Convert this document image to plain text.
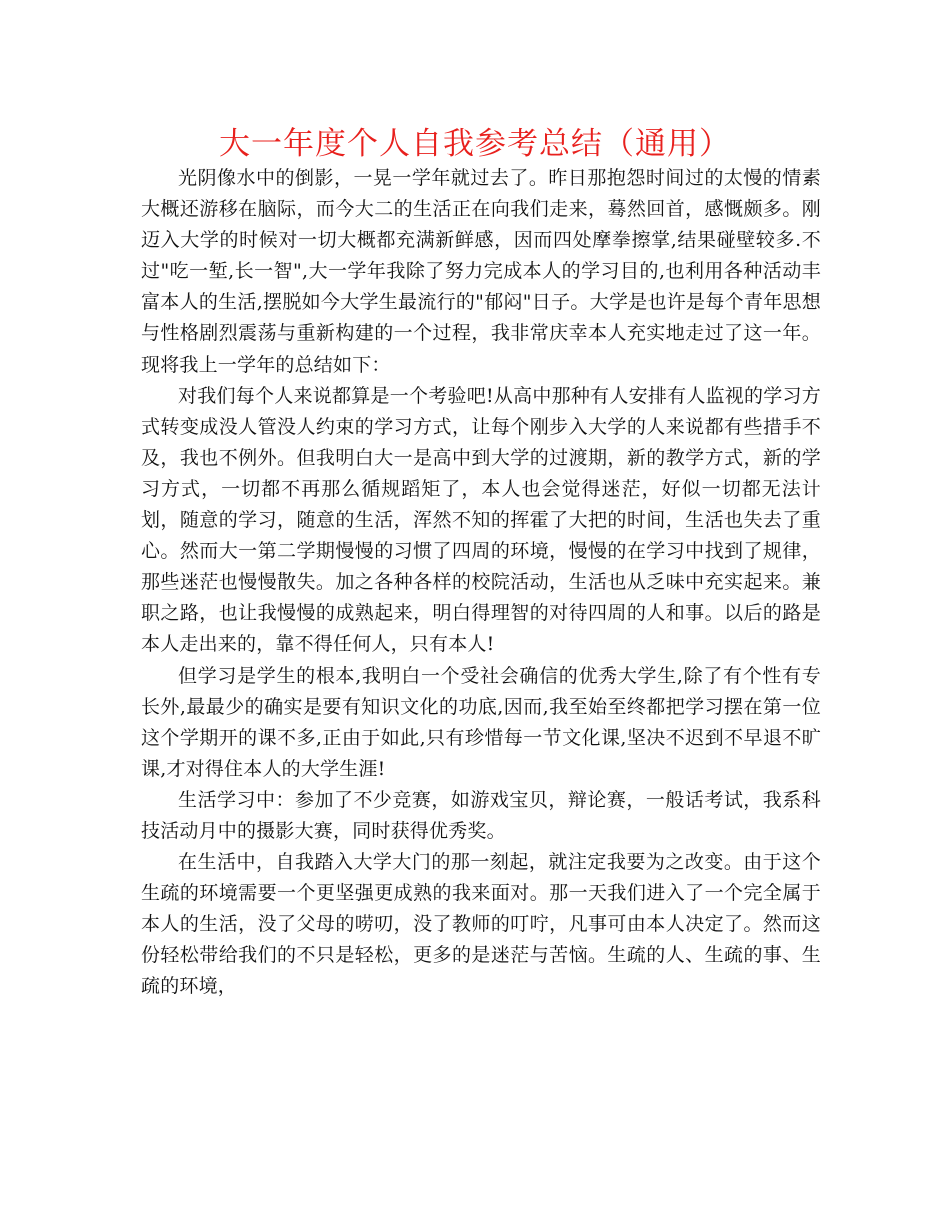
大一年度个人自我参考总结（通用）

光阴像水中的倒影，一晃一学年就过去了。昨日那抱怨时间过的太慢的情素大概还游移在脑际，而今大二的生活正在向我们走来，蓦然回首，感慨颇多。刚迈入大学的时候对一切大概都充满新鲜感，因而四处摩拳擦掌,结果碰壁较多.不过"吃一堑,长一智",大一学年我除了努力完成本人的学习目的,也利用各种活动丰富本人的生活,摆脱如今大学生最流行的"郁闷"日子。大学是也许是每个青年思想与性格剧烈震荡与重新构建的一个过程，我非常庆幸本人充实地走过了这一年。现将我上一学年的总结如下：

对我们每个人来说都算是一个考验吧!从高中那种有人安排有人监视的学习方式转变成没人管没人约束的学习方式，让每个刚步入大学的人来说都有些措手不及，我也不例外。但我明白大一是高中到大学的过渡期，新的教学方式，新的学习方式，一切都不再那么循规蹈矩了，本人也会觉得迷茫，好似一切都无法计划，随意的学习，随意的生活，浑然不知的挥霍了大把的时间，生活也失去了重心。然而大一第二学期慢慢的习惯了四周的环境，慢慢的在学习中找到了规律，那些迷茫也慢慢散失。加之各种各样的校院活动，生活也从乏味中充实起来。兼职之路，也让我慢慢的成熟起来，明白得理智的对待四周的人和事。以后的路是本人走出来的，靠不得任何人，只有本人!

但学习是学生的根本,我明白一个受社会确信的优秀大学生,除了有个性有专长外,最最少的确实是要有知识文化的功底,因而,我至始至终都把学习摆在第一位这个学期开的课不多,正由于如此,只有珍惜每一节文化课,坚决不迟到不早退不旷课,才对得住本人的大学生涯!

生活学习中：参加了不少竞赛，如游戏宝贝，辩论赛，一般话考试，我系科技活动月中的摄影大赛，同时获得优秀奖。

在生活中，自我踏入大学大门的那一刻起，就注定我要为之改变。由于这个生疏的环境需要一个更坚强更成熟的我来面对。那一天我们进入了一个完全属于本人的生活，没了父母的唠叨，没了教师的叮咛，凡事可由本人决定了。然而这份轻松带给我们的不只是轻松，更多的是迷茫与苦恼。生疏的人、生疏的事、生疏的环境，
